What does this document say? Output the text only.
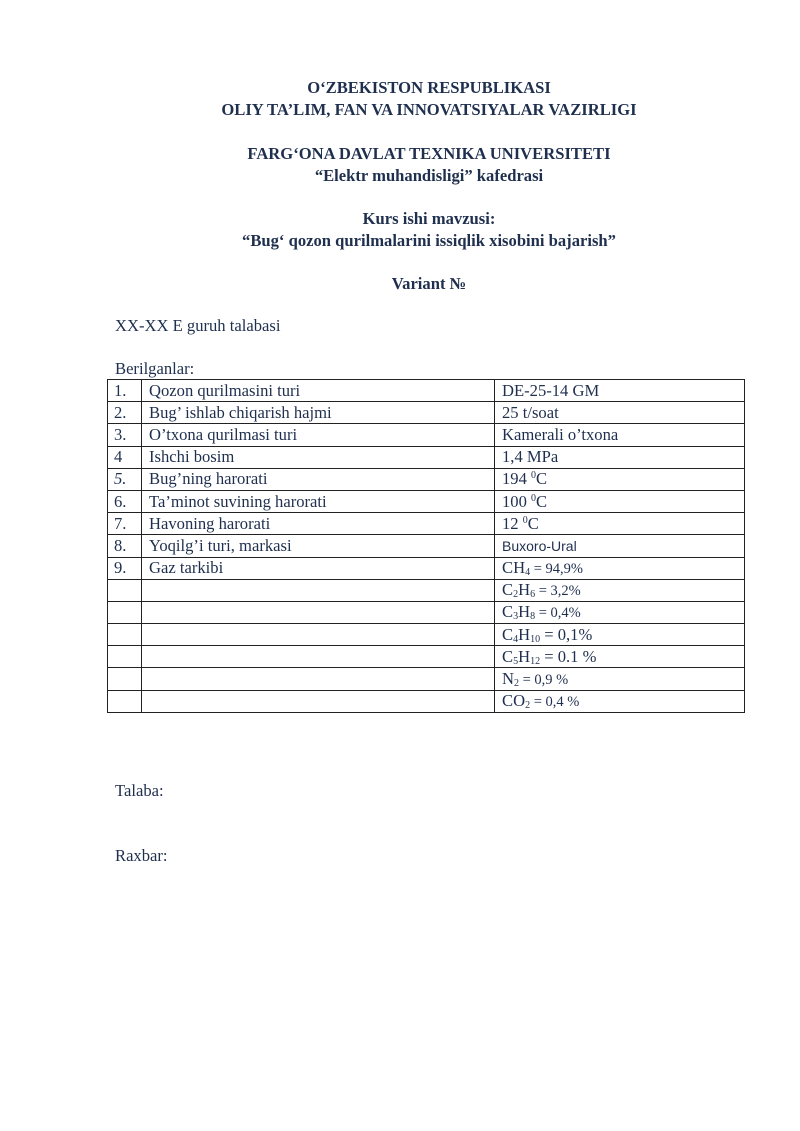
O‘ZBEKISTON RESPUBLIKASI
OLIY TA’LIM, FAN VA INNOVATSIYALAR VAZIRLIGI
FARG‘ONA DAVLAT TEXNIKA UNIVERSITETI
“Elektr muhandisligi” kafedrasi
Kurs ishi mavzusi:
“Bug‘ qozon qurilmalarini issiqlik xisobini bajarish”
Variant №
XX-XX E guruh talabasi
Berilganlar:
1.	Qozon qurilmasini turi	DE-25-14 GM
2.	Bug’ ishlab chiqarish hajmi	25 t/soat
3.	O’txona qurilmasi turi	Kamerali o’txona
4	Ishchi bosim	1,4 MPa
5.	Bug’ning harorati	194 $^0$C
6.	Ta’minot suvining harorati	100 $^0$C
7.	Havoning harorati	12 $^0$C
8.	Yoqilg’i turi, markasi	Buxoro-Ural
9.	Gaz tarkibi	$CH_4 = 94,9\%$
		$C_2H_6 = 3,2\%$
		$C_3H_8 = 0,4\%$
		$C_4H_{10} = 0,1\%$
		$C_5H_{12} = 0.1$ %
		$N_2 = 0,9$ %
		$CO_2 = 0,4$ %
Talaba:
Raxbar:
